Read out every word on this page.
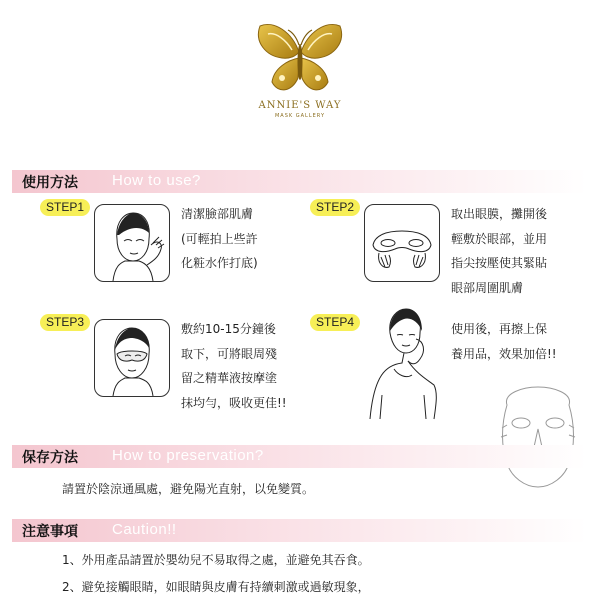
ANNIE'S WAY
MASK GALLERY
使用方法 How to use?
STEP1	清潔臉部肌膚
(可輕拍上些許
化粧水作打底)
STEP2	取出眼膜，攤開後
輕敷於眼部，並用
指尖按壓使其緊貼
眼部周圍肌膚
STEP3	敷約10-15分鐘後
取下，可將眼周殘
留之精華液按摩塗
抹均勻，吸收更佳!!
STEP4	使用後，再擦上保
養用品，效果加倍!!
保存方法 How to preservation?
請置於陰涼通風處，避免陽光直射，以免變質。
注意事項 Caution!!
1、外用產品請置於嬰幼兒不易取得之處，並避免其吞食。
2、避免接觸眼睛，如眼睛與皮膚有持續刺激或過敏現象，
